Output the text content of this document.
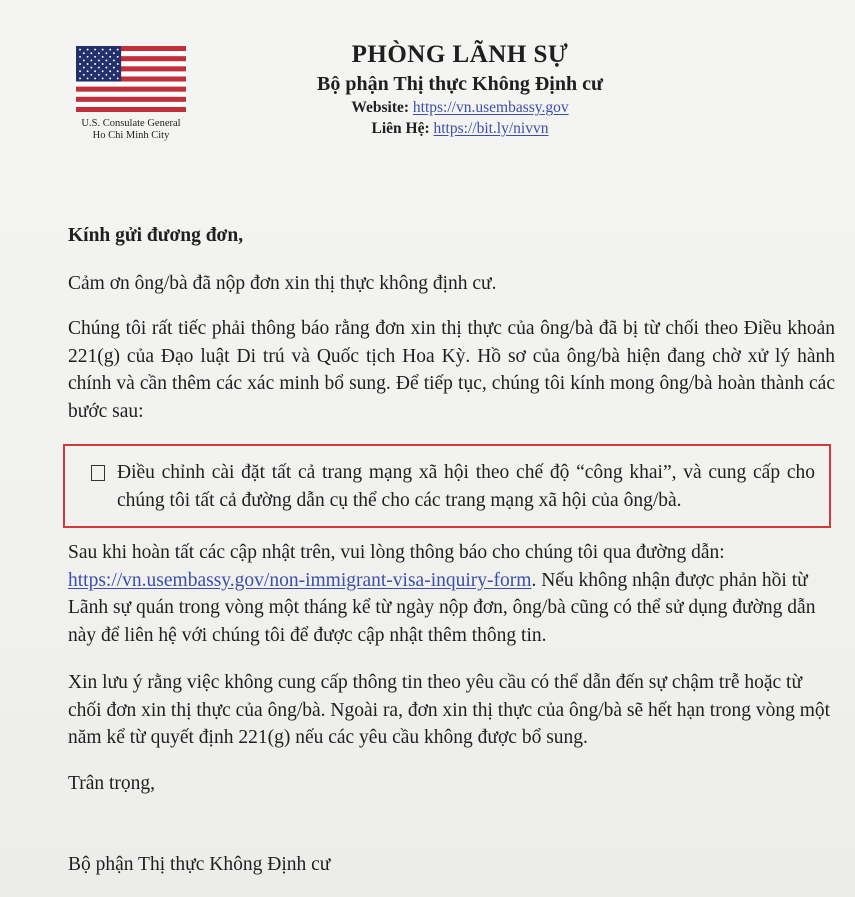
U.S. Consulate General
Ho Chi Minh City
PHÒNG LÃNH SỰ
Bộ phận Thị thực Không Định cư
Website: https://vn.usembassy.gov
Liên Hệ: https://bit.ly/nivvn

Kính gửi đương đơn,

Cảm ơn ông/bà đã nộp đơn xin thị thực không định cư.

Chúng tôi rất tiếc phải thông báo rằng đơn xin thị thực của ông/bà đã bị từ chối theo Điều khoản 221(g) của Đạo luật Di trú và Quốc tịch Hoa Kỳ. Hồ sơ của ông/bà hiện đang chờ xử lý hành chính và cần thêm các xác minh bổ sung. Để tiếp tục, chúng tôi kính mong ông/bà hoàn thành các bước sau:

Điều chỉnh cài đặt tất cả trang mạng xã hội theo chế độ “công khai”, và cung cấp cho chúng tôi tất cả đường dẫn cụ thể cho các trang mạng xã hội của ông/bà.

Sau khi hoàn tất các cập nhật trên, vui lòng thông báo cho chúng tôi qua đường dẫn: https://vn.usembassy.gov/non-immigrant-visa-inquiry-form. Nếu không nhận được phản hồi từ Lãnh sự quán trong vòng một tháng kể từ ngày nộp đơn, ông/bà cũng có thể sử dụng đường dẫn này để liên hệ với chúng tôi để được cập nhật thêm thông tin.

Xin lưu ý rằng việc không cung cấp thông tin theo yêu cầu có thể dẫn đến sự chậm trễ hoặc từ chối đơn xin thị thực của ông/bà. Ngoài ra, đơn xin thị thực của ông/bà sẽ hết hạn trong vòng một năm kể từ quyết định 221(g) nếu các yêu cầu không được bổ sung.

Trân trọng,

Bộ phận Thị thực Không Định cư
